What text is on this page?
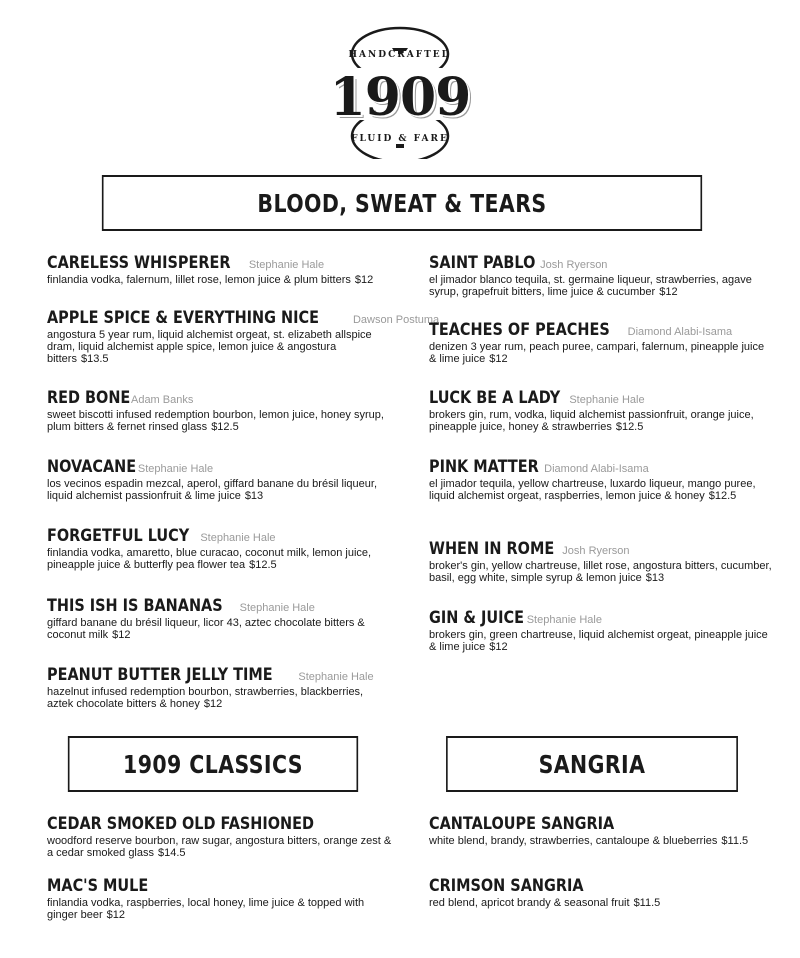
HANDCRAFTED
1909
FLUID & FARE
BLOOD, SWEAT & TEARS
1909 CLASSICS	SANGRIA
CARELESS WHISPERER Stephanie Hale
finlandia vodka, falernum, lillet rose, lemon juice & plum bitters $12
APPLE SPICE & EVERYTHING NICE	Dawson Postuma
angostura 5 year rum, liquid alchemist orgeat, st. elizabeth allspice dram, liquid alchemist apple spice, lemon juice & angostura bitters $13.5
RED BONEAdam Banks
sweet biscotti infused redemption bourbon, lemon juice, honey syrup, plum bitters & fernet rinsed glass $12.5
NOVACANE Stephanie Hale
los vecinos espadin mezcal, aperol, giffard banane du brésil liqueur, liquid alchemist passionfruit & lime juice $13
FORGETFUL LUCY Stephanie Hale
finlandia vodka, amaretto, blue curacao, coconut milk, lemon juice, pineapple juice & butterfly pea flower tea $12.5
THIS ISH IS BANANAS Stephanie Hale
giffard banane du brésil liqueur, licor 43, aztec chocolate bitters & coconut milk $12
PEANUT BUTTER JELLY TIME Stephanie Hale
hazelnut infused redemption bourbon, strawberries, blackberries, aztek chocolate bitters & honey $12
SAINT PABLO Josh Ryerson
el jimador blanco tequila, st. germaine liqueur, strawberries, agave syrup, grapefruit bitters, lime juice & cucumber $12
TEACHES OF PEACHES Diamond Alabi-Isama
denizen 3 year rum, peach puree, campari, falernum, pineapple juice & lime juice $12
LUCK BE A LADY Stephanie Hale
brokers gin, rum, vodka, liquid alchemist passionfruit, orange juice, pineapple juice, honey & strawberries $12.5
PINK MATTER Diamond Alabi-Isama
el jimador tequila, yellow chartreuse, luxardo liqueur, mango puree, liquid alchemist orgeat, raspberries, lemon juice & honey $12.5
WHEN IN ROME Josh Ryerson
broker's gin, yellow chartreuse, lillet rose, angostura bitters, cucumber, basil, egg white, simple syrup & lemon juice $13
GIN & JUICE Stephanie Hale
brokers gin, green chartreuse, liquid alchemist orgeat, pineapple juice & lime juice $12
CEDAR SMOKED OLD FASHIONED
woodford reserve bourbon, raw sugar, angostura bitters, orange zest & a cedar smoked glass $14.5
MAC'S MULE
finlandia vodka, raspberries, local honey, lime juice & topped with ginger beer $12
CANTALOUPE SANGRIA
white blend, brandy, strawberries, cantaloupe & blueberries $11.5
CRIMSON SANGRIA
red blend, apricot brandy & seasonal fruit $11.5
